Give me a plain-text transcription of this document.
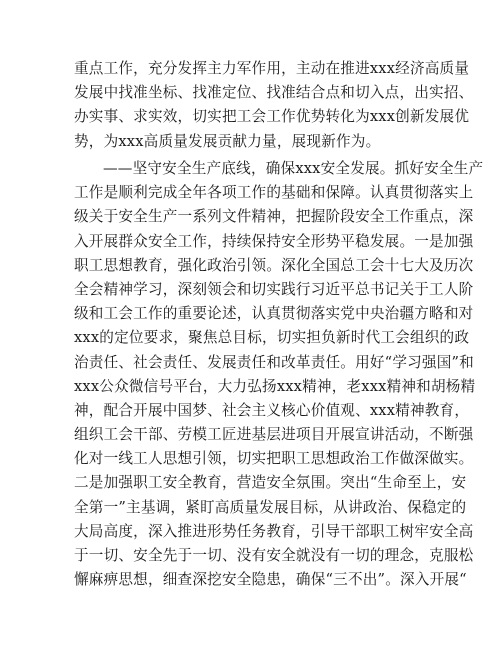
重点工作，充分发挥主力军作用，主动在推进xxx经济高质量
发展中找准坐标、找准定位、找准结合点和切入点，出实招、
办实事、求实效，切实把工会工作优势转化为xxx创新发展优
势，为xxx高质量发展贡献力量，展现新作为。
——坚守安全生产底线，确保xxx安全发展。抓好安全生产
工作是顺利完成全年各项工作的基础和保障。认真贯彻落实上
级关于安全生产一系列文件精神，把握阶段安全工作重点，深
入开展群众安全工作，持续保持安全形势平稳发展。一是加强
职工思想教育，强化政治引领。深化全国总工会十七大及历次
全会精神学习，深刻领会和切实践行习近平总书记关于工人阶
级和工会工作的重要论述，认真贯彻落实党中央治疆方略和对
xxx的定位要求，聚焦总目标，切实担负新时代工会组织的政
治责任、社会责任、发展责任和改革责任。用好“学习强国”和
xxx公众微信号平台，大力弘扬xxx精神，老xxx精神和胡杨精
神，配合开展中国梦、社会主义核心价值观、xxx精神教育，
组织工会干部、劳模工匠进基层进项目开展宣讲活动，不断强
化对一线工人思想引领，切实把职工思想政治工作做深做实。
二是加强职工安全教育，营造安全氛围。突出“生命至上，安
全第一”主基调，紧盯高质量发展目标，从讲政治、保稳定的
大局高度，深入推进形势任务教育，引导干部职工树牢安全高
于一切、安全先于一切、没有安全就没有一切的理念，克服松
懈麻痹思想，细查深挖安全隐患，确保“三不出”。深入开展“
